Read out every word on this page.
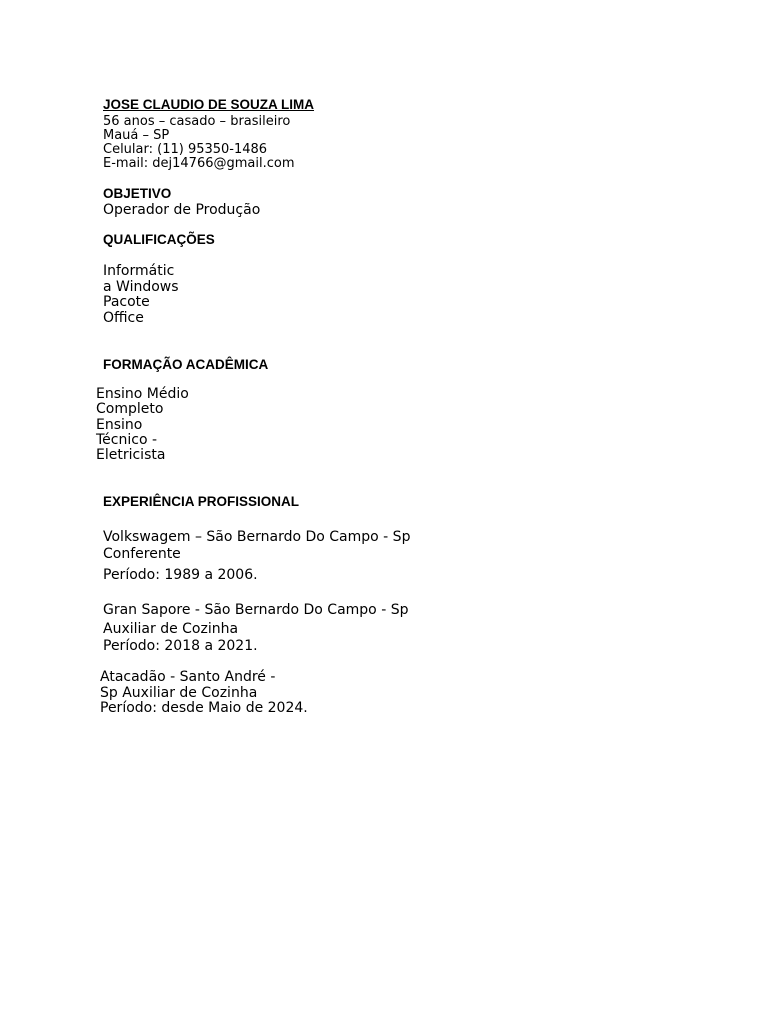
JOSE CLAUDIO DE SOUZA LIMA
56 anos – casado – brasileiro
Mauá – SP
Celular: (11) 95350-1486
E-mail: dej14766@gmail.com
OBJETIVO
Operador de Produção
QUALIFICAÇÕES
Informátic
a Windows
Pacote
Office
FORMAÇÃO ACADÊMICA
Ensino Médio
Completo
Ensino
Técnico -
Eletricista
EXPERIÊNCIA PROFISSIONAL
Volkswagem – São Bernardo Do Campo - Sp
Conferente
Período: 1989 a 2006.
Gran Sapore - São Bernardo Do Campo - Sp
Auxiliar de Cozinha
Período: 2018 a 2021.
Atacadão - Santo André -
Sp Auxiliar de Cozinha
Período: desde Maio de 2024.
